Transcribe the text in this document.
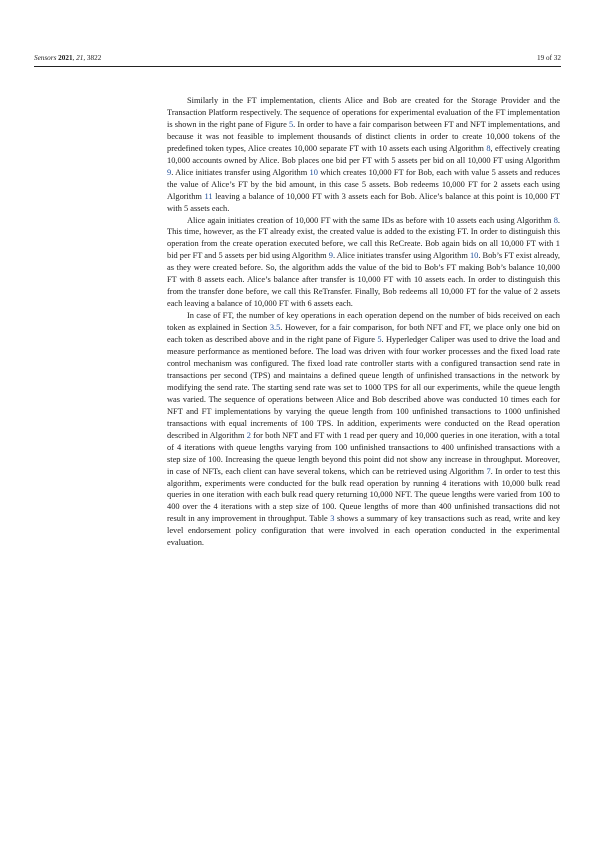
Sensors 2021, 21, 3822	19 of 32

Similarly in the FT implementation, clients Alice and Bob are created for the Storage Provider and the Transaction Platform respectively. The sequence of operations for experimental evaluation of the FT implementation is shown in the right pane of Figure 5. In order to have a fair comparison between FT and NFT implementations, and because it was not feasible to implement thousands of distinct clients in order to create 10,000 tokens of the predefined token types, Alice creates 10,000 separate FT with 10 assets each using Algorithm 8, effectively creating 10,000 accounts owned by Alice. Bob places one bid per FT with 5 assets per bid on all 10,000 FT using Algorithm 9. Alice initiates transfer using Algorithm 10 which creates 10,000 FT for Bob, each with value 5 assets and reduces the value of Alice’s FT by the bid amount, in this case 5 assets. Bob redeems 10,000 FT for 2 assets each using Algorithm 11 leaving a balance of 10,000 FT with 3 assets each for Bob. Alice’s balance at this point is 10,000 FT with 5 assets each.

Alice again initiates creation of 10,000 FT with the same IDs as before with 10 assets each using Algorithm 8. This time, however, as the FT already exist, the created value is added to the existing FT. In order to distinguish this operation from the create operation executed before, we call this ReCreate. Bob again bids on all 10,000 FT with 1 bid per FT and 5 assets per bid using Algorithm 9. Alice initiates transfer using Algorithm 10. Bob’s FT exist already, as they were created before. So, the algorithm adds the value of the bid to Bob’s FT making Bob’s balance 10,000 FT with 8 assets each. Alice’s balance after transfer is 10,000 FT with 10 assets each. In order to distinguish this from the transfer done before, we call this ReTransfer. Finally, Bob redeems all 10,000 FT for the value of 2 assets each leaving a balance of 10,000 FT with 6 assets each.

In case of FT, the number of key operations in each operation depend on the number of bids received on each token as explained in Section 3.5. However, for a fair comparison, for both NFT and FT, we place only one bid on each token as described above and in the right pane of Figure 5. Hyperledger Caliper was used to drive the load and measure performance as mentioned before. The load was driven with four worker processes and the fixed load rate control mechanism was configured. The fixed load rate controller starts with a configured transaction send rate in transactions per second (TPS) and maintains a defined queue length of unfinished transactions in the network by modifying the send rate. The starting send rate was set to 1000 TPS for all our experiments, while the queue length was varied. The sequence of operations between Alice and Bob described above was conducted 10 times each for NFT and FT implementations by varying the queue length from 100 unfinished transactions to 1000 unfinished transactions with equal increments of 100 TPS. In addition, experiments were conducted on the Read operation described in Algorithm 2 for both NFT and FT with 1 read per query and 10,000 queries in one iteration, with a total of 4 iterations with queue lengths varying from 100 unfinished transactions to 400 unfinished transactions with a step size of 100. Increasing the queue length beyond this point did not show any increase in throughput. Moreover, in case of NFTs, each client can have several tokens, which can be retrieved using Algorithm 7. In order to test this algorithm, experiments were conducted for the bulk read operation by running 4 iterations with 10,000 bulk read queries in one iteration with each bulk read query returning 10,000 NFT. The queue lengths were varied from 100 to 400 over the 4 iterations with a step size of 100. Queue lengths of more than 400 unfinished transactions did not result in any improvement in throughput. Table 3 shows a summary of key transactions such as read, write and key level endorsement policy configuration that were involved in each operation conducted in the experimental evaluation.
